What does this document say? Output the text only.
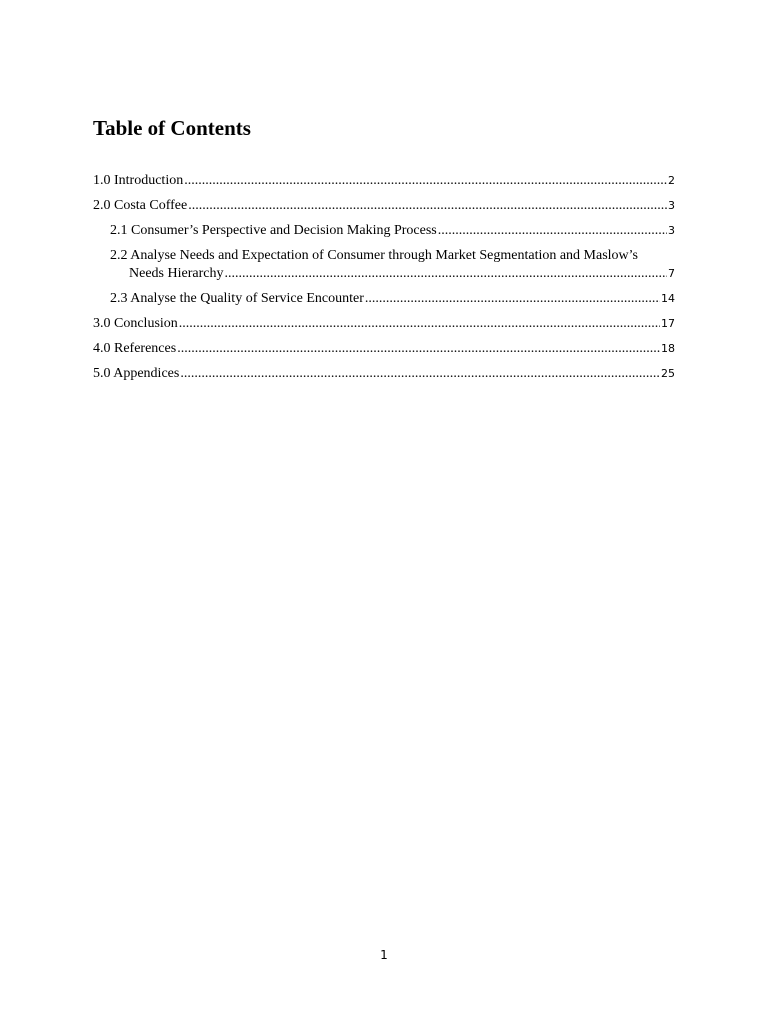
Table of Contents
1.0 Introduction .....	2
2.0 Costa Coffee .....	3
2.1 Consumer’s Perspective and Decision Making Process .....	3
2.2 Analyse Needs and Expectation of Consumer through Market Segmentation and Maslow’s
Needs Hierarchy .....	7
2.3 Analyse the Quality of Service Encounter .....	14
3.0 Conclusion .....	17
4.0 References .....	18
5.0 Appendices .....	25
1
